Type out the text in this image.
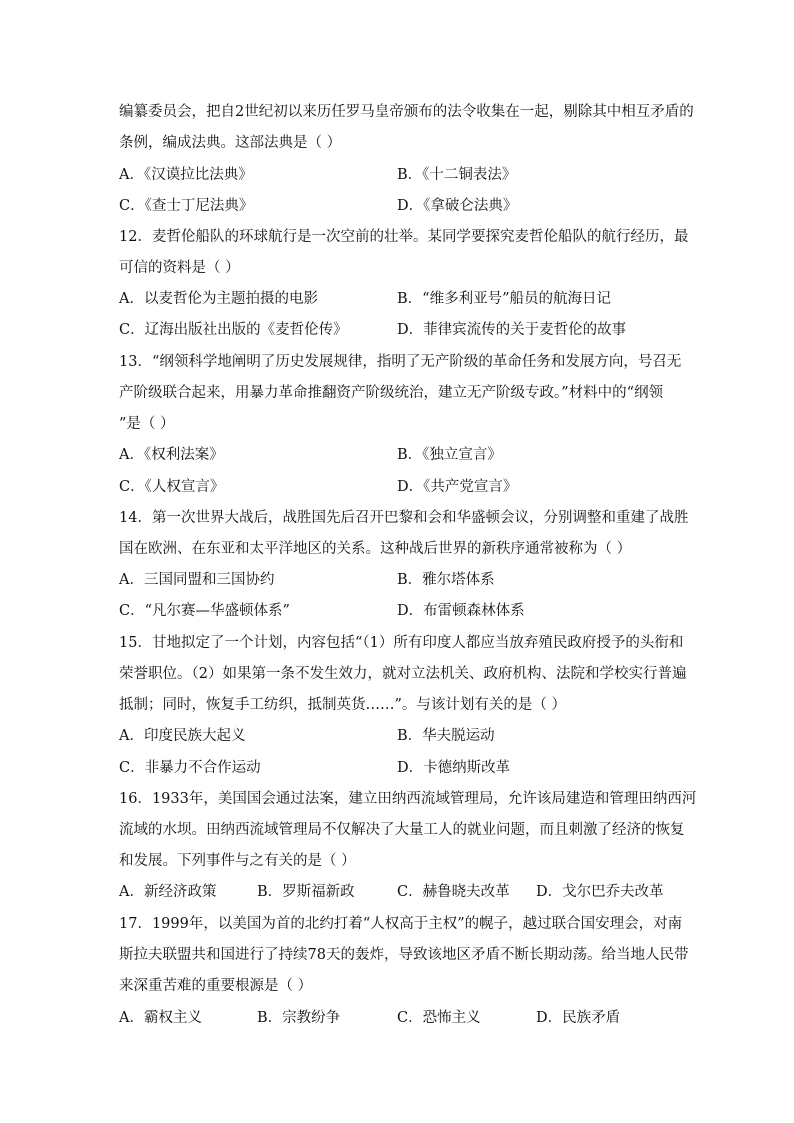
编纂委员会，把自2世纪初以来历任罗马皇帝颁布的法令收集在一起，剔除其中相互矛盾的
条例，编成法典。这部法典是（ ）
A．《汉谟拉比法典》	B．《十二铜表法》
C．《查士丁尼法典》	D．《拿破仑法典》
12．麦哲伦船队的环球航行是一次空前的壮举。某同学要探究麦哲伦船队的航行经历，最
可信的资料是（ ）
A．以麦哲伦为主题拍摄的电影	B．“维多利亚号”船员的航海日记
C．辽海出版社出版的《麦哲伦传》	D．菲律宾流传的关于麦哲伦的故事
13．“纲领科学地阐明了历史发展规律，指明了无产阶级的革命任务和发展方向，号召无
产阶级联合起来，用暴力革命推翻资产阶级统治，建立无产阶级专政。”材料中的“纲领
”是（ ）
A．《权利法案》	B．《独立宣言》
C．《人权宣言》	D．《共产党宣言》
14．第一次世界大战后，战胜国先后召开巴黎和会和华盛顿会议，分别调整和重建了战胜
国在欧洲、在东亚和太平洋地区的关系。这种战后世界的新秩序通常被称为（ ）
A．三国同盟和三国协约	B．雅尔塔体系
C．“凡尔赛—华盛顿体系”	D．布雷顿森林体系
15．甘地拟定了一个计划，内容包括“（1）所有印度人都应当放弃殖民政府授予的头衔和
荣誉职位。（2）如果第一条不发生效力，就对立法机关、政府机构、法院和学校实行普遍
抵制；同时，恢复手工纺织，抵制英货……”。与该计划有关的是（ ）
A．印度民族大起义	B．华夫脱运动
C．非暴力不合作运动	D．卡德纳斯改革
16．1933年，美国国会通过法案，建立田纳西流域管理局，允许该局建造和管理田纳西河
流域的水坝。田纳西流域管理局不仅解决了大量工人的就业问题，而且刺激了经济的恢复
和发展。下列事件与之有关的是（ ）
A．新经济政策	B．罗斯福新政	C．赫鲁晓夫改革 D．戈尔巴乔夫改革
17．1999年，以美国为首的北约打着“人权高于主权”的幌子，越过联合国安理会，对南
斯拉夫联盟共和国进行了持续78天的轰炸，导致该地区矛盾不断长期动荡。给当地人民带
来深重苦难的重要根源是（ ）
A．霸权主义	B．宗教纷争	C．恐怖主义	D．民族矛盾
